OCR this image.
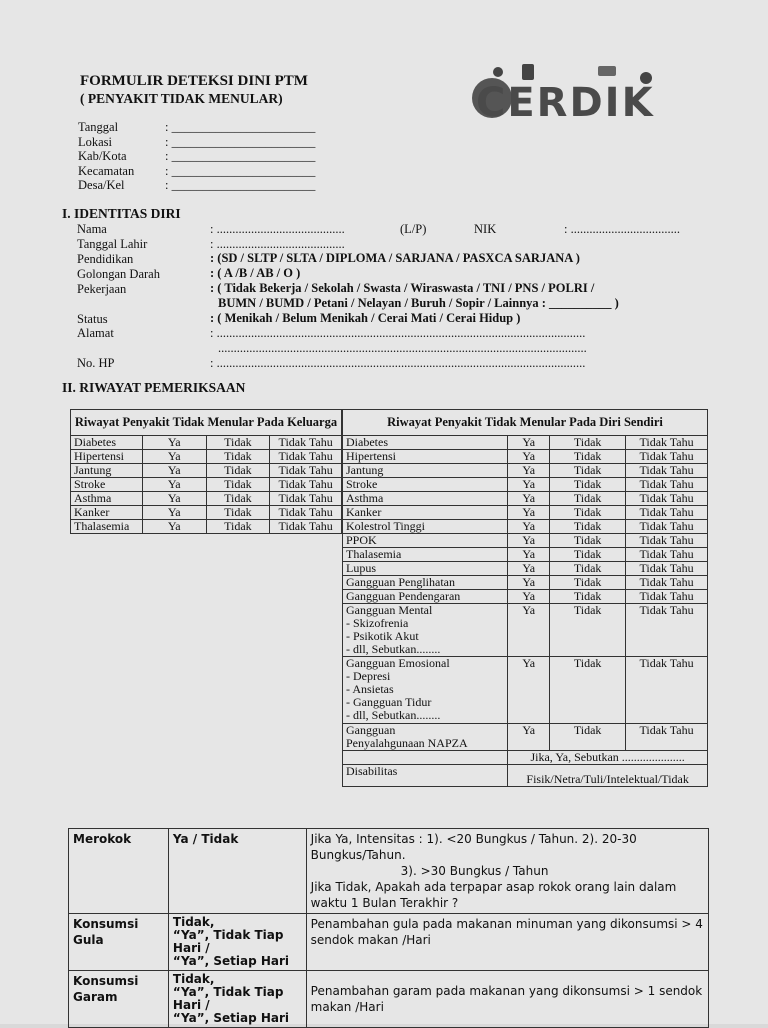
FORMULIR DETEKSI DINI PTM
( PENYAKIT TIDAK MENULAR)	CERDIK
Tanggal	: _______________________
Lokasi	: _______________________
Kab/Kota	: _______________________
Kecamatan : _______________________
Desa/Kel	: _______________________
I. IDENTITAS DIRI
Nama	: .........................................	(L/P)	NIK	: ...................................
Tanggal Lahir	: .........................................
Pendidikan	: (SD / SLTP / SLTA / DIPLOMA / SARJANA / PASXCA SARJANA )
Golongan Darah	: ( A /B / AB / O )
Pekerjaan	: ( Tidak Bekerja / Sekolah / Swasta / Wiraswasta / TNI / PNS / POLRI /
BUMN / BUMD / Petani / Nelayan / Buruh / Sopir / Lainnya : __________ )
Status	: ( Menikah / Belum Menikah / Cerai Mati / Cerai Hidup )
Alamat	: ......................................................................................................................
......................................................................................................................
No. HP	: ......................................................................................................................
II. RIWAYAT PEMERIKSAAN
Riwayat Penyakit Tidak Menular Pada Keluarga			
Diabetes	Ya	Tidak	Tidak Tahu
Hipertensi	Ya	Tidak	Tidak Tahu
Jantung	Ya	Tidak	Tidak Tahu
Stroke	Ya	Tidak	Tidak Tahu
Asthma	Ya	Tidak	Tidak Tahu
Kanker	Ya	Tidak	Tidak Tahu
Thalasemia	Ya	Tidak	Tidak Tahu
Riwayat Penyakit Tidak Menular Pada Diri Sendiri			
Diabetes	Ya	Tidak	Tidak Tahu
Hipertensi	Ya	Tidak	Tidak Tahu
Jantung	Ya	Tidak	Tidak Tahu
Stroke	Ya	Tidak	Tidak Tahu
Asthma	Ya	Tidak	Tidak Tahu
Kanker	Ya	Tidak	Tidak Tahu
Kolestrol Tinggi	Ya	Tidak	Tidak Tahu
PPOK	Ya	Tidak	Tidak Tahu
Thalasemia	Ya	Tidak	Tidak Tahu
Lupus	Ya	Tidak	Tidak Tahu
Gangguan Penglihatan	Ya	Tidak	Tidak Tahu
Gangguan Pendengaran	Ya	Tidak	Tidak Tahu

Gangguan Mental
- Skizofrenia
- Psikotik Akut
- dll, Sebutkan........	Ya	Tidak	Tidak Tahu

Gangguan Emosional
- Depresi
- Ansietas
- Gangguan Tidur
- dll, Sebutkan........	Ya	Tidak	Tidak Tahu

Gangguan
Penyalahgunaan NAPZA	Ya	Tidak	Tidak Tahu
	Jika, Ya, Sebutkan .....................		
Disabilitas	Fisik/Netra/Tuli/Intelektual/Tidak		
Merokok	Ya / Tidak	Jika Ya, Intensitas : 1). <20 Bungkus / Tahun. 2). 20-30 Bungkus/Tahun.
3). >30 Bungkus / Tahun
Jika Tidak, Apakah ada terpapar asap rokok orang lain dalam waktu 1 Bulan Terakhir ?

Konsumsi
Gula	Tidak,
“Ya”, Tidak Tiap Hari /
“Ya”, Setiap Hari	Penambahan gula pada makanan minuman yang dikonsumsi > 4 sendok makan /Hari

Konsumsi
Garam	Tidak,
“Ya”, Tidak Tiap Hari /
“Ya”, Setiap Hari	Penambahan garam pada makanan yang dikonsumsi > 1 sendok makan /Hari
